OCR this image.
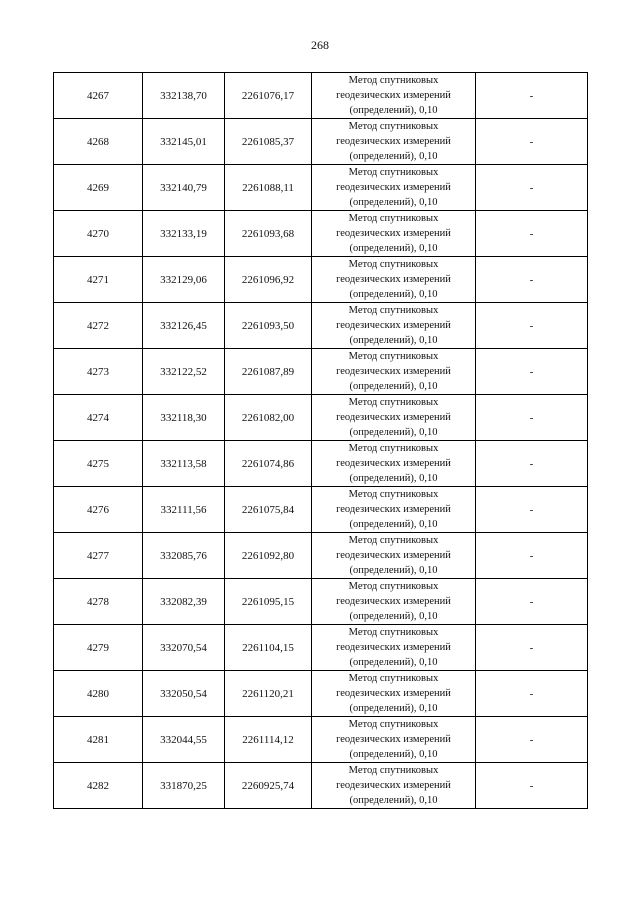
268
4267	332138,70	2261076,17	Метод спутниковых
геодезических измерений
(определений), 0,10	-
4268	332145,01	2261085,37	Метод спутниковых
геодезических измерений
(определений), 0,10	-
4269	332140,79	2261088,11	Метод спутниковых
геодезических измерений
(определений), 0,10	-
4270	332133,19	2261093,68	Метод спутниковых
геодезических измерений
(определений), 0,10	-
4271	332129,06	2261096,92	Метод спутниковых
геодезических измерений
(определений), 0,10	-
4272	332126,45	2261093,50	Метод спутниковых
геодезических измерений
(определений), 0,10	-
4273	332122,52	2261087,89	Метод спутниковых
геодезических измерений
(определений), 0,10	-
4274	332118,30	2261082,00	Метод спутниковых
геодезических измерений
(определений), 0,10	-
4275	332113,58	2261074,86	Метод спутниковых
геодезических измерений
(определений), 0,10	-
4276	332111,56	2261075,84	Метод спутниковых
геодезических измерений
(определений), 0,10	-
4277	332085,76	2261092,80	Метод спутниковых
геодезических измерений
(определений), 0,10	-
4278	332082,39	2261095,15	Метод спутниковых
геодезических измерений
(определений), 0,10	-
4279	332070,54	2261104,15	Метод спутниковых
геодезических измерений
(определений), 0,10	-
4280	332050,54	2261120,21	Метод спутниковых
геодезических измерений
(определений), 0,10	-
4281	332044,55	2261114,12	Метод спутниковых
геодезических измерений
(определений), 0,10	-
4282	331870,25	2260925,74	Метод спутниковых
геодезических измерений
(определений), 0,10	-
